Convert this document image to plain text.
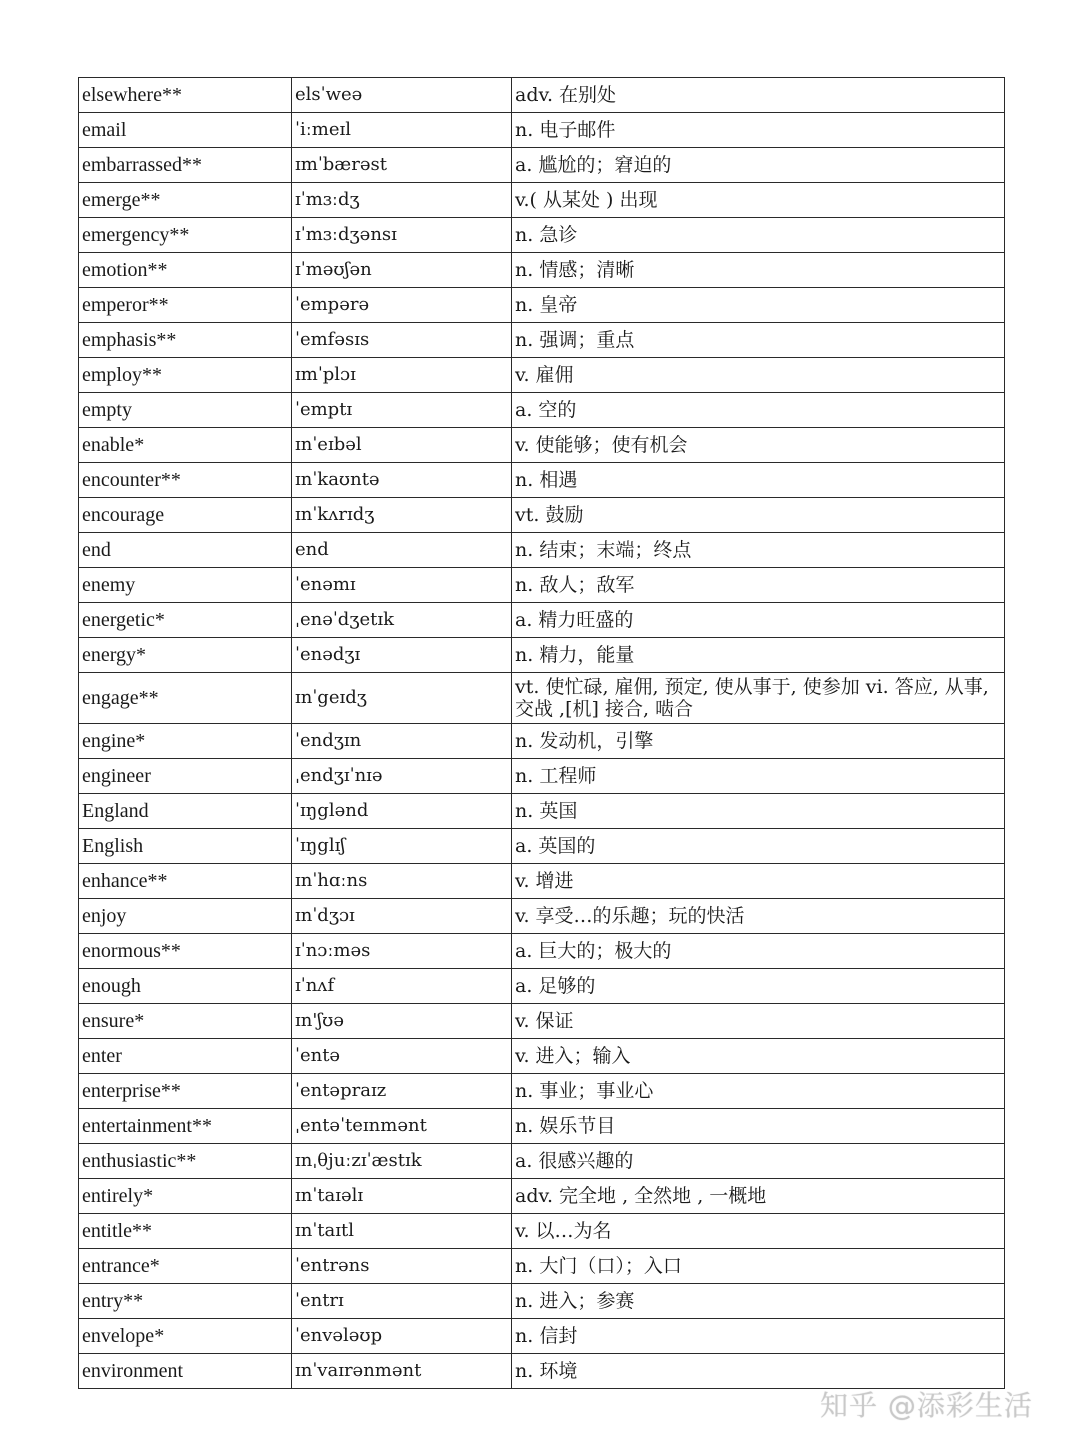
elsewhere**	elsˈweə	adv. 在别处
email	ˈiːmeɪl	n. 电子邮件
embarrassed**	ɪmˈbærəst	a. 尴尬的；窘迫的
emerge**	ɪˈmɜːdʒ	v.( 从某处 ) 出现
emergency**	ɪˈmɜːdʒənsɪ	n. 急诊
emotion**	ɪˈməʊʃən	n. 情感；清晰
emperor**	ˈempərə	n. 皇帝
emphasis**	ˈemfəsɪs	n. 强调；重点
employ**	ɪmˈplɔɪ	v. 雇佣
empty	ˈemptɪ	a. 空的
enable*	ɪnˈeɪbəl	v. 使能够；使有机会
encounter**	ɪnˈkaʊntə	n. 相遇
encourage	ɪnˈkʌrɪdʒ	vt. 鼓励
end	end	n. 结束；末端；终点
enemy	ˈenəmɪ	n. 敌人；敌军
energetic*	ˌenəˈdʒetɪk	a. 精力旺盛的
energy*	ˈenədʒɪ	n. 精力，能量
engage**	ɪnˈgeɪdʒ	vt. 使忙碌, 雇佣, 预定, 使从事于, 使参加 vi. 答应, 从事, 交战 ,[机] 接合, 啮合
engine*	ˈendʒɪn	n. 发动机，引擎
engineer	ˌendʒɪˈnɪə	n. 工程师
England	ˈɪŋglənd	n. 英国
English	ˈɪŋglɪʃ	a. 英国的
enhance**	ɪnˈhɑːns	v. 增进
enjoy	ɪnˈdʒɔɪ	v. 享受…的乐趣；玩的快活
enormous**	ɪˈnɔːməs	a. 巨大的；极大的
enough	ɪˈnʌf	a. 足够的
ensure*	ɪn'ʃʊə	v. 保证
enter	ˈentə	v. 进入；输入
enterprise**	ˈentəpraɪz	n. 事业；事业心
entertainment**	ˌentəˈteɪnmənt	n. 娱乐节目
enthusiastic**	ɪnˌθjuːzɪˈæstɪk	a. 很感兴趣的
entirely*	ɪnˈtaɪəlɪ	adv. 完全地 , 全然地 , 一概地
entitle**	ɪnˈtaɪtl	v. 以…为名
entrance*	ˈentrəns	n. 大门（口）；入口
entry**	ˈentrɪ	n. 进入；参赛
envelope*	ˈenvələʊp	n. 信封
environment	ɪnˈvaɪrənmənt	n. 环境
知乎 @添彩生活
